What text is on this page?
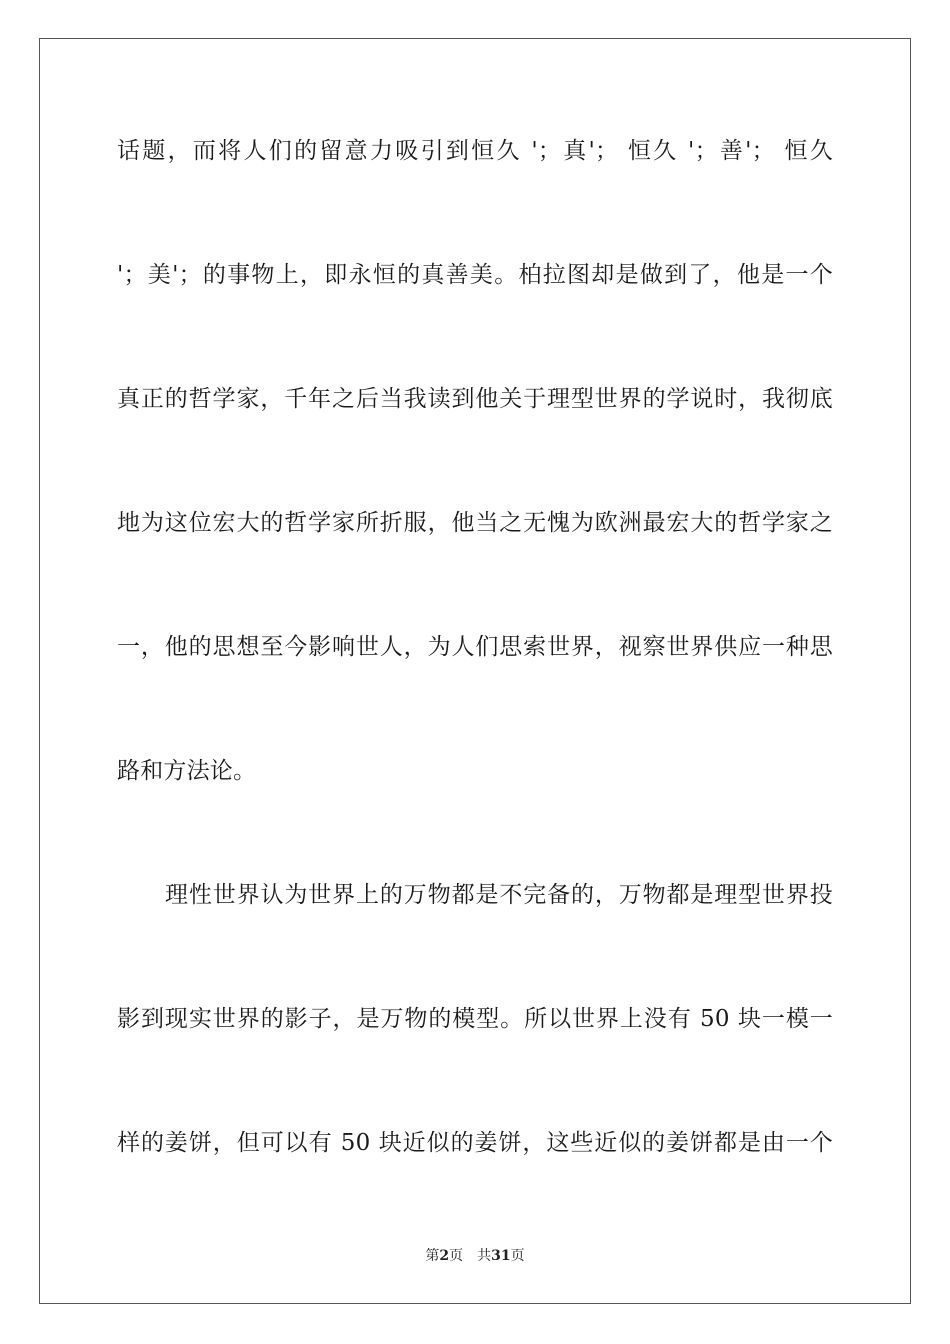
话题，而将人们的留意力吸引到恒久 '；真'； 恒久 '；善'； 恒久
'；美'；的事物上，即永恒的真善美。柏拉图却是做到了，他是一个
真正的哲学家，千年之后当我读到他关于理型世界的学说时，我彻底
地为这位宏大的哲学家所折服，他当之无愧为欧洲最宏大的哲学家之
一，他的思想至今影响世人，为人们思索世界，视察世界供应一种思
路和方法论。
理性世界认为世界上的万物都是不完备的，万物都是理型世界投
影到现实世界的影子，是万物的模型。所以世界上没有 50 块一模一
样的姜饼，但可以有 50 块近似的姜饼，这些近似的姜饼都是由一个
第2页 共31页
